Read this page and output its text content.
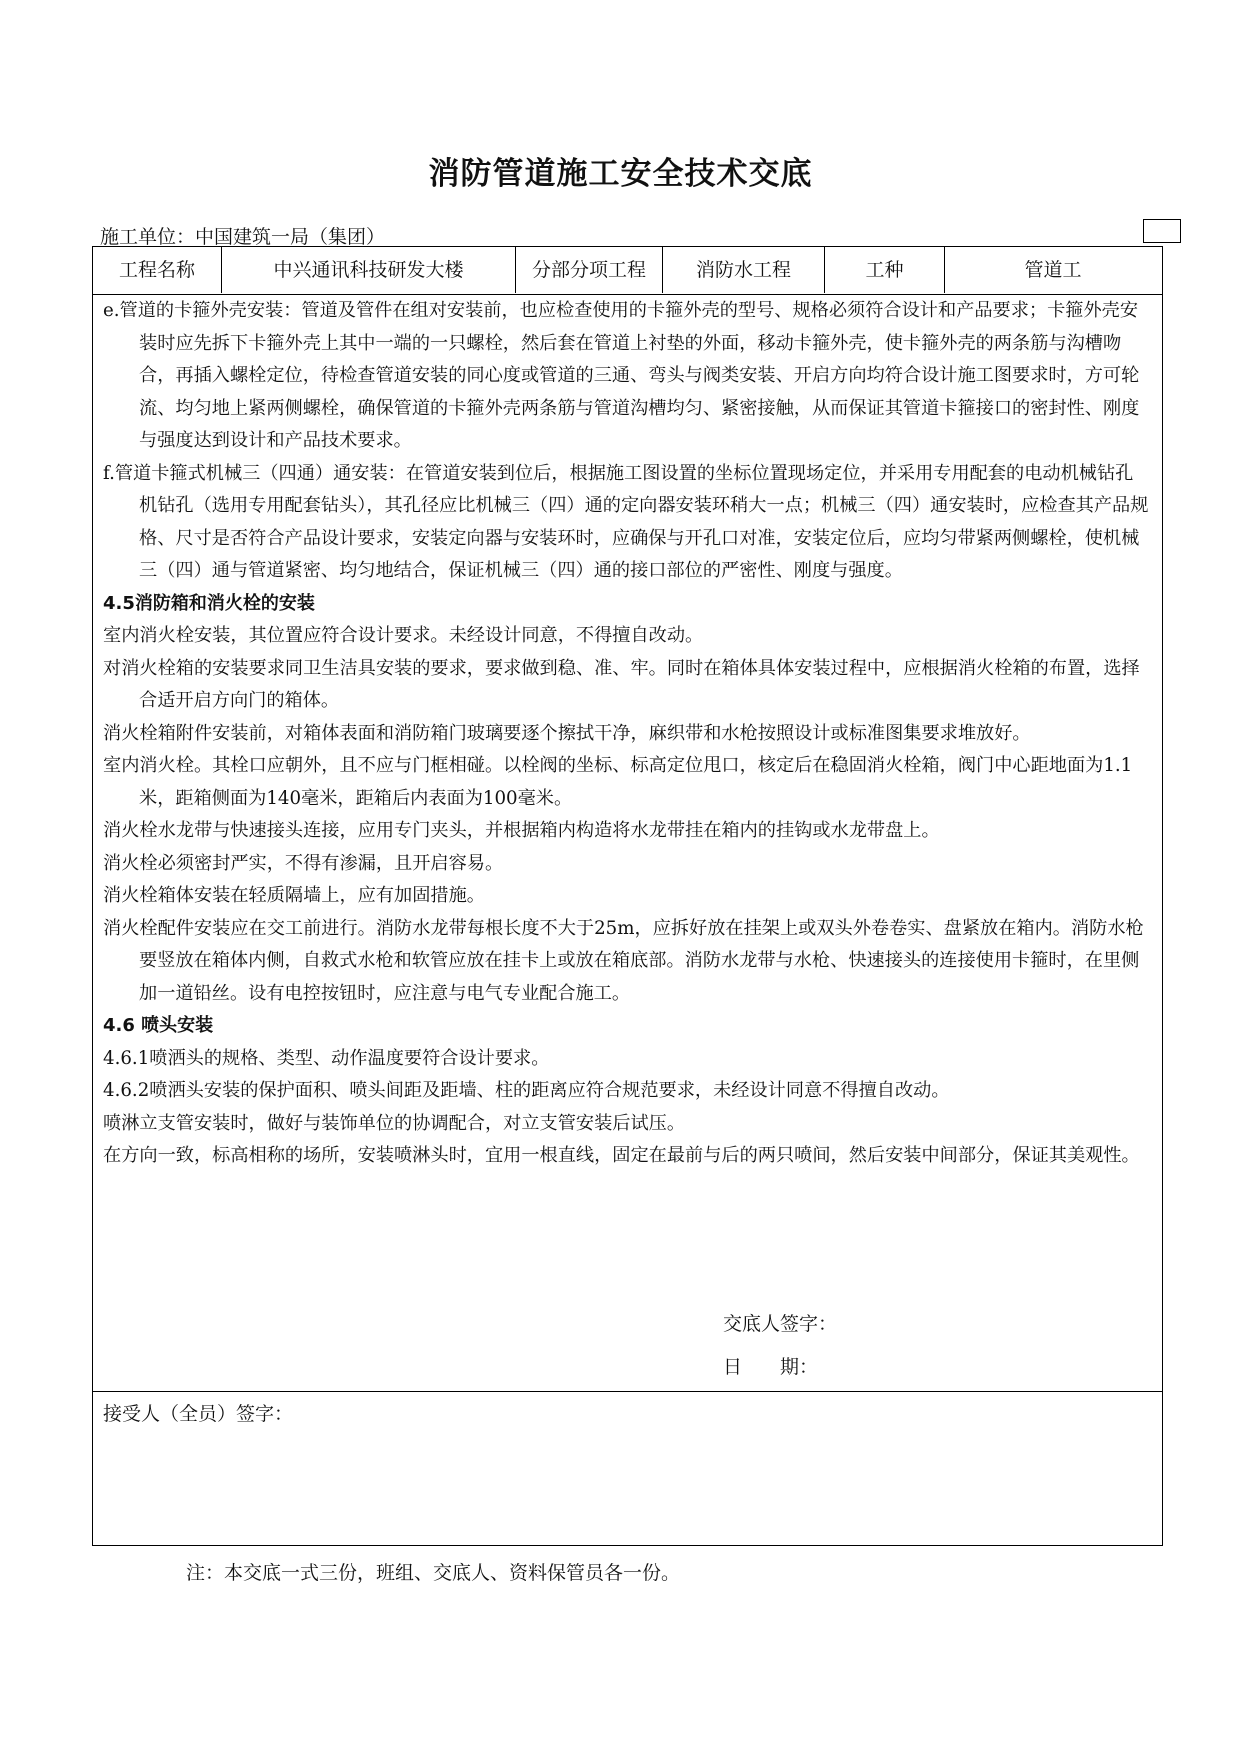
消防管道施工安全技术交底
施工单位：中国建筑一局（集团）
工程名称	中兴通讯科技研发大楼	分部分项工程	消防水工程	工种	管道工
e.管道的卡箍外壳安装：管道及管件在组对安装前，也应检查使用的卡箍外壳的型号、规格必须符合设计和产品要求；卡箍外壳安装时应先拆下卡箍外壳上其中一端的一只螺栓，然后套在管道上衬垫的外面，移动卡箍外壳，使卡箍外壳的两条筋与沟槽吻合，再插入螺栓定位，待检查管道安装的同心度或管道的三通、弯头与阀类安装、开启方向均符合设计施工图要求时，方可轮流、均匀地上紧两侧螺栓，确保管道的卡箍外壳两条筋与管道沟槽均匀、紧密接触，从而保证其管道卡箍接口的密封性、刚度与强度达到设计和产品技术要求。
f.管道卡箍式机械三（四通）通安装：在管道安装到位后，根据施工图设置的坐标位置现场定位，并采用专用配套的电动机械钻孔机钻孔（选用专用配套钻头），其孔径应比机械三（四）通的定向器安装环稍大一点；机械三（四）通安装时，应检查其产品规格、尺寸是否符合产品设计要求，安装定向器与安装环时，应确保与开孔口对准，安装定位后，应均匀带紧两侧螺栓，使机械三（四）通与管道紧密、均匀地结合，保证机械三（四）通的接口部位的严密性、刚度与强度。
4.5消防箱和消火栓的安装
室内消火栓安装，其位置应符合设计要求。未经设计同意，不得擅自改动。
对消火栓箱的安装要求同卫生洁具安装的要求，要求做到稳、准、牢。同时在箱体具体安装过程中，应根据消火栓箱的布置，选择合适开启方向门的箱体。
消火栓箱附件安装前，对箱体表面和消防箱门玻璃要逐个擦拭干净，麻织带和水枪按照设计或标准图集要求堆放好。
室内消火栓。其栓口应朝外，且不应与门框相碰。以栓阀的坐标、标高定位甩口，核定后在稳固消火栓箱，阀门中心距地面为1.1米，距箱侧面为140毫米，距箱后内表面为100毫米。
消火栓水龙带与快速接头连接，应用专门夹头，并根据箱内构造将水龙带挂在箱内的挂钩或水龙带盘上。
消火栓必须密封严实，不得有渗漏，且开启容易。
消火栓箱体安装在轻质隔墙上，应有加固措施。
消火栓配件安装应在交工前进行。消防水龙带每根长度不大于25m，应拆好放在挂架上或双头外卷卷实、盘紧放在箱内。消防水枪要竖放在箱体内侧，自救式水枪和软管应放在挂卡上或放在箱底部。消防水龙带与水枪、快速接头的连接使用卡箍时，在里侧加一道铅丝。设有电控按钮时，应注意与电气专业配合施工。
4.6 喷头安装
4.6.1喷洒头的规格、类型、动作温度要符合设计要求。
4.6.2喷洒头安装的保护面积、喷头间距及距墙、柱的距离应符合规范要求，未经设计同意不得擅自改动。
喷淋立支管安装时，做好与装饰单位的协调配合，对立支管安装后试压。
在方向一致，标高相称的场所，安装喷淋头时，宜用一根直线，固定在最前与后的两只喷间，然后安装中间部分，保证其美观性。
交底人签字：
日　　期：
接受人（全员）签字：
注：本交底一式三份，班组、交底人、资料保管员各一份。
